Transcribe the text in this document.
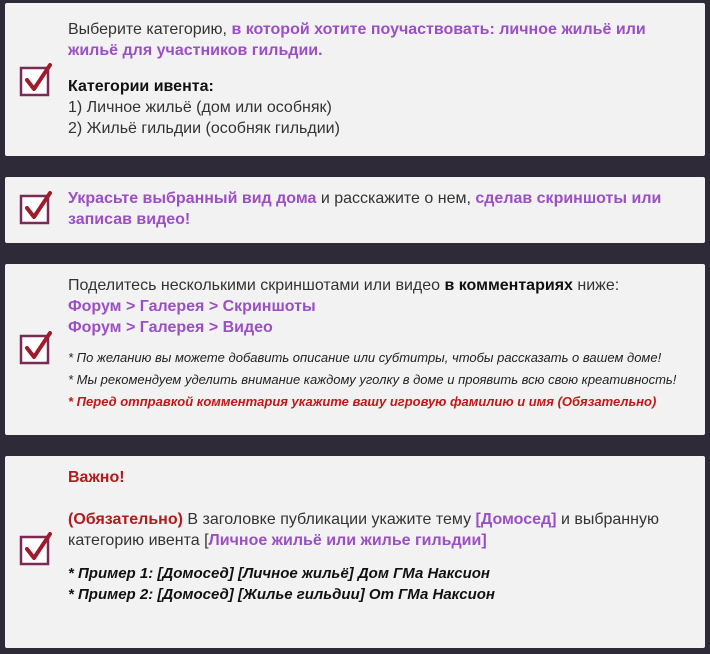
Выберите категорию, в которой хотите поучаствовать: личное жильё или жильё для участников гильдии.

Категории ивента:

1) Личное жильё (дом или особняк)

2) Жильё гильдии (особняк гильдии)

Украсьте выбранный вид дома и расскажите о нем, сделав скриншоты или записав видео!

Поделитесь несколькими скриншотами или видео в комментариях ниже:

Форум > Галерея > Скриншоты

Форум > Галерея > Видео

* По желанию вы можете добавить описание или субтитры, чтобы рассказать о вашем доме!

* Мы рекомендуем уделить внимание каждому уголку в доме и проявить всю свою креативность!

* Перед отправкой комментария укажите вашу игровую фамилию и имя (Обязательно)

Важно!

(Обязательно) В заголовке публикации укажите тему [Домосед] и выбранную категорию ивента [Личное жильё или жилье гильдии]

* Пример 1: [Домосед] [Личное жильё] Дом ГМа Наксион

* Пример 2: [Домосед] [Жилье гильдии] От ГМа Наксион
